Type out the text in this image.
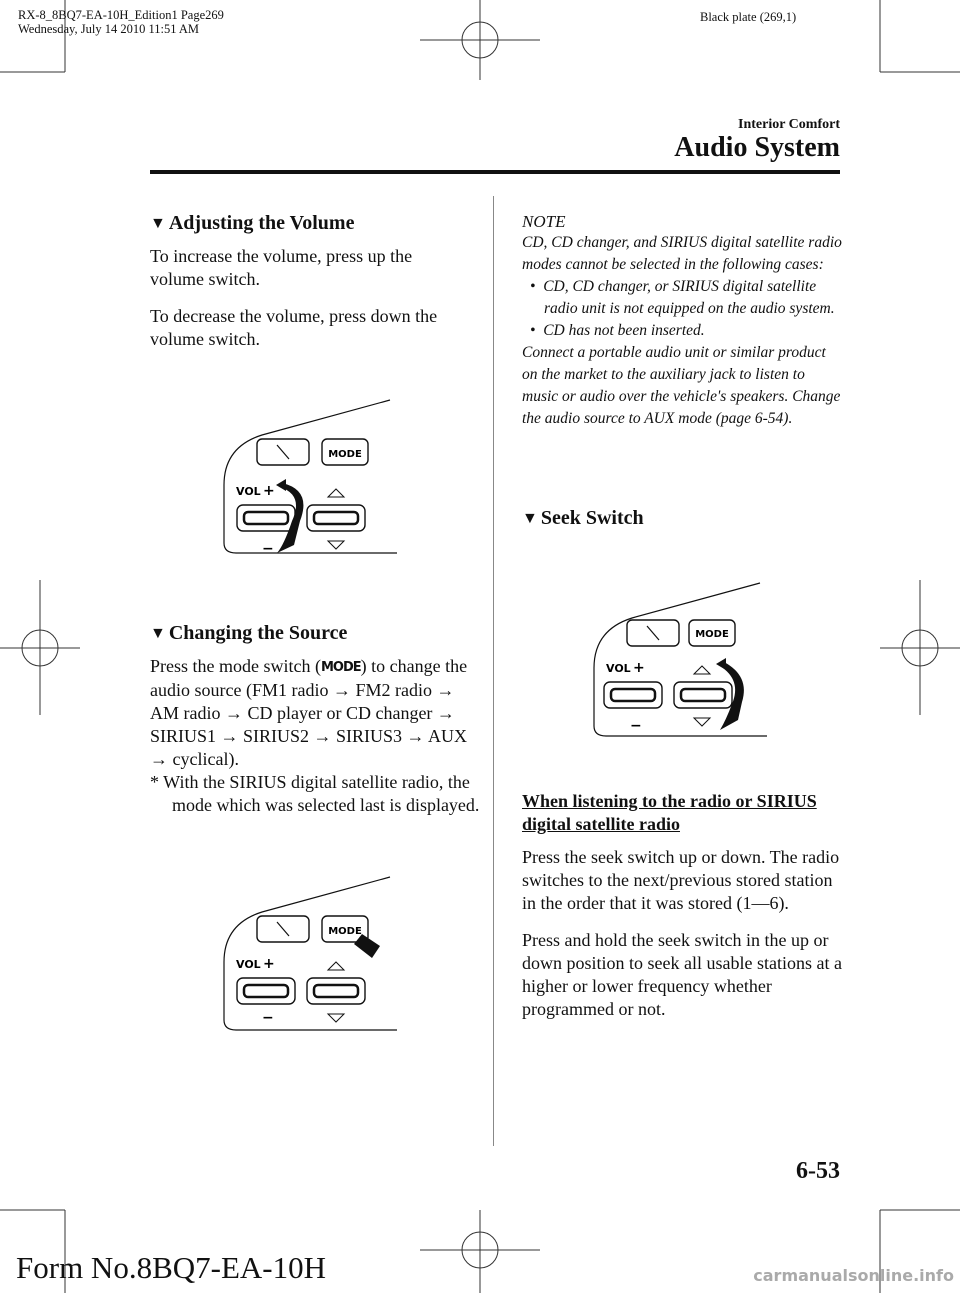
RX-8_8BQ7-EA-10H_Edition1 Page269
Wednesday, July 14 2010 11:51 AM
Black plate (269,1)
Interior Comfort
Audio System
▼ Adjusting the Volume

To increase the volume, press up the volume switch.

To decrease the volume, press down the volume switch.

MODE
VOL +
−
▼ Changing the Source

Press the mode switch (MODE) to change the audio source (FM1 radio → FM2 radio → AM radio → CD player or CD changer → SIRIUS1 → SIRIUS2 → SIRIUS3 → AUX → cyclical).

* With the SIRIUS digital satellite radio, the mode which was selected last is displayed.

MODE
VOL +
−
NOTE
CD, CD changer, and SIRIUS digital satellite radio modes cannot be selected in the following cases:
•  CD, CD changer, or SIRIUS digital satellite radio unit is not equipped on the audio system.
•  CD has not been inserted.
Connect a portable audio unit or similar product on the market to the auxiliary jack to listen to music or audio over the vehicle's speakers. Change the audio source to AUX mode (page 6-54).
▼ Seek Switch
MODE
VOL +
−

When listening to the radio or SIRIUS digital satellite radio

Press the seek switch up or down. The radio switches to the next/previous stored station in the order that it was stored (1―6).

Press and hold the seek switch in the up or down position to seek all usable stations at a higher or lower frequency whether programmed or not.

6-53
Form No.8BQ7-EA-10H	carmanualsonline.info
